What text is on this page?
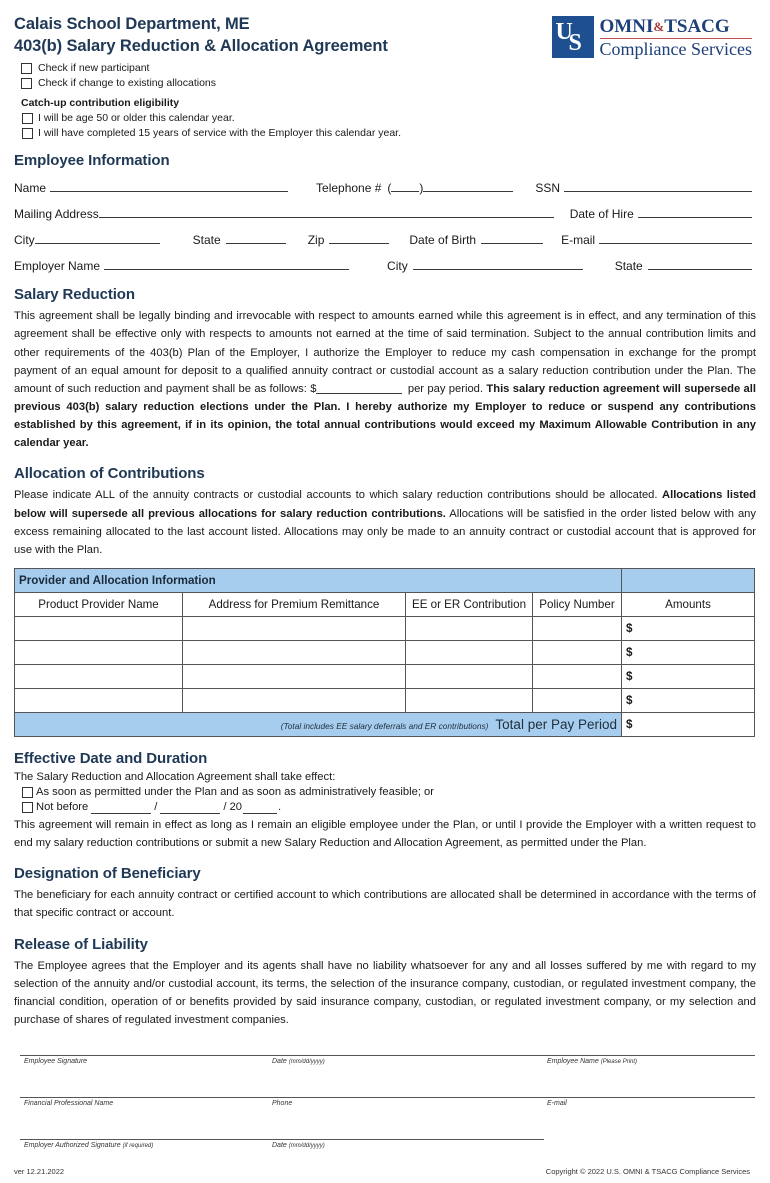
Calais School Department, ME
403(b) Salary Reduction & Allocation Agreement
U
S
OMNI&TSACG
Compliance Services
Check if new participant
Check if change to existing allocations
Catch-up contribution eligibility
I will be age 50 or older this calendar year.
I will have completed 15 years of service with the Employer this calendar year.
Employee Information
Name	Telephone # ( )	SSN
Mailing Address	Date of Hire
City	State	Zip	Date of Birth	E-mail
Employer Name	City	State
Salary Reduction

This agreement shall be legally binding and irrevocable with respect to amounts earned while this agreement is in effect, and any termination of this agreement shall be effective only with respects to amounts not earned at the time of said termination. Subject to the annual contribution limits and other requirements of the 403(b) Plan of the Employer, I authorize the Employer to reduce my cash compensation in exchange for the prompt payment of an equal amount for deposit to a qualified annuity contract or custodial account as a salary reduction contribution under the Plan. The amount of such reduction and payment shall be as follows: $	per pay period. This salary reduction agreement will supersede all previous 403(b) salary reduction elections under the Plan. I hereby authorize my Employer to reduce or suspend any contributions established by this agreement, if in its opinion, the total annual contributions would exceed my Maximum Allowable Contribution in any calendar year.

Allocation of Contributions

Please indicate ALL of the annuity contracts or custodial accounts to which salary reduction contributions should be allocated. Allocations listed below will supersede all previous allocations for salary reduction contributions. Allocations will be satisfied in the order listed below with any excess remaining allocated to the last account listed. Allocations may only be made to an annuity contract or custodial account that is approved for use with the Plan.

Provider and Allocation Information				
Product Provider Name	Address for Premium Remittance	EE or ER Contribution	Policy Number	Amounts
				$
				$
				$
				$
(Total includes EE salary deferrals and ER contributions) Total per Pay Period				$
Effective Date and Duration
The Salary Reduction and Allocation Agreement shall take effect:
As soon as permitted under the Plan and as soon as administratively feasible; or
Not before	/	/ 20	.

This agreement will remain in effect as long as I remain an eligible employee under the Plan, or until I provide the Employer with a written request to end my salary reduction contributions or submit a new Salary Reduction and Allocation Agreement, as permitted under the Plan.

Designation of Beneficiary

The beneficiary for each annuity contract or certified account to which contributions are allocated shall be determined in accordance with the terms of that specific contract or account.

Release of Liability

The Employee agrees that the Employer and its agents shall have no liability whatsoever for any and all losses suffered by me with regard to my selection of the annuity and/or custodial account, its terms, the selection of the insurance company, custodian, or regulated investment company, the financial condition, operation of or benefits provided by said insurance company, custodian, or regulated investment company, or my selection and purchase of shares of regulated investment companies.

Employee Signature	Date (mm/dd/yyyy)	Employee Name (Please Print)
Financial Professional Name	Phone	E-mail
Employer Authorized Signature (if required)	Date (mm/dd/yyyy)
ver 12.21.2022	Copyright © 2022 U.S. OMNI & TSACG Compliance Services
